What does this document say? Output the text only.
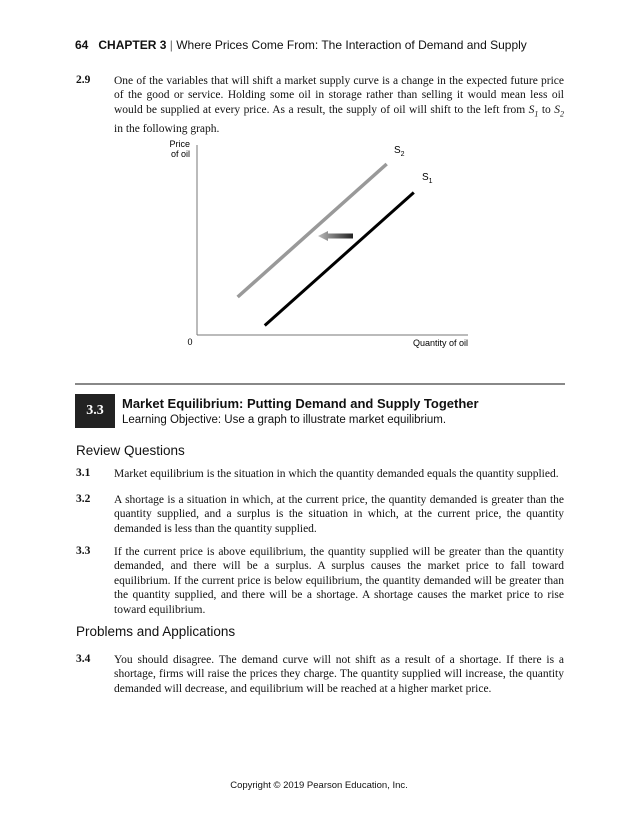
64 CHAPTER 3 | Where Prices Come From: The Interaction of Demand and Supply
2.9 One of the variables that will shift a market supply curve is a change in the expected future price of the good or service. Holding some oil in storage rather than selling it would mean less oil would be supplied at every price. As a result, the supply of oil will shift to the left from $S_1$ to $S_2$ in the following graph.
Price
of oil
0	Quantity of oil
$S_2$
$S_1$
3.3	Market Equilibrium: Putting Demand and Supply Together
Learning Objective: Use a graph to illustrate market equilibrium.
Review Questions
3.1 Market equilibrium is the situation in which the quantity demanded equals the quantity supplied.
3.2 A shortage is a situation in which, at the current price, the quantity demanded is greater than the quantity supplied, and a surplus is the situation in which, at the current price, the quantity demanded is less than the quantity supplied.
3.3 If the current price is above equilibrium, the quantity supplied will be greater than the quantity demanded, and there will be a surplus. A surplus causes the market price to fall toward equilibrium. If the current price is below equilibrium, the quantity demanded will be greater than the quantity supplied, and there will be a shortage. A shortage causes the market price to rise toward equilibrium.
Problems and Applications
3.4 You should disagree. The demand curve will not shift as a result of a shortage. If there is a shortage, firms will raise the prices they charge. The quantity supplied will increase, the quantity demanded will decrease, and equilibrium will be reached at a higher market price.
Copyright © 2019 Pearson Education, Inc.
